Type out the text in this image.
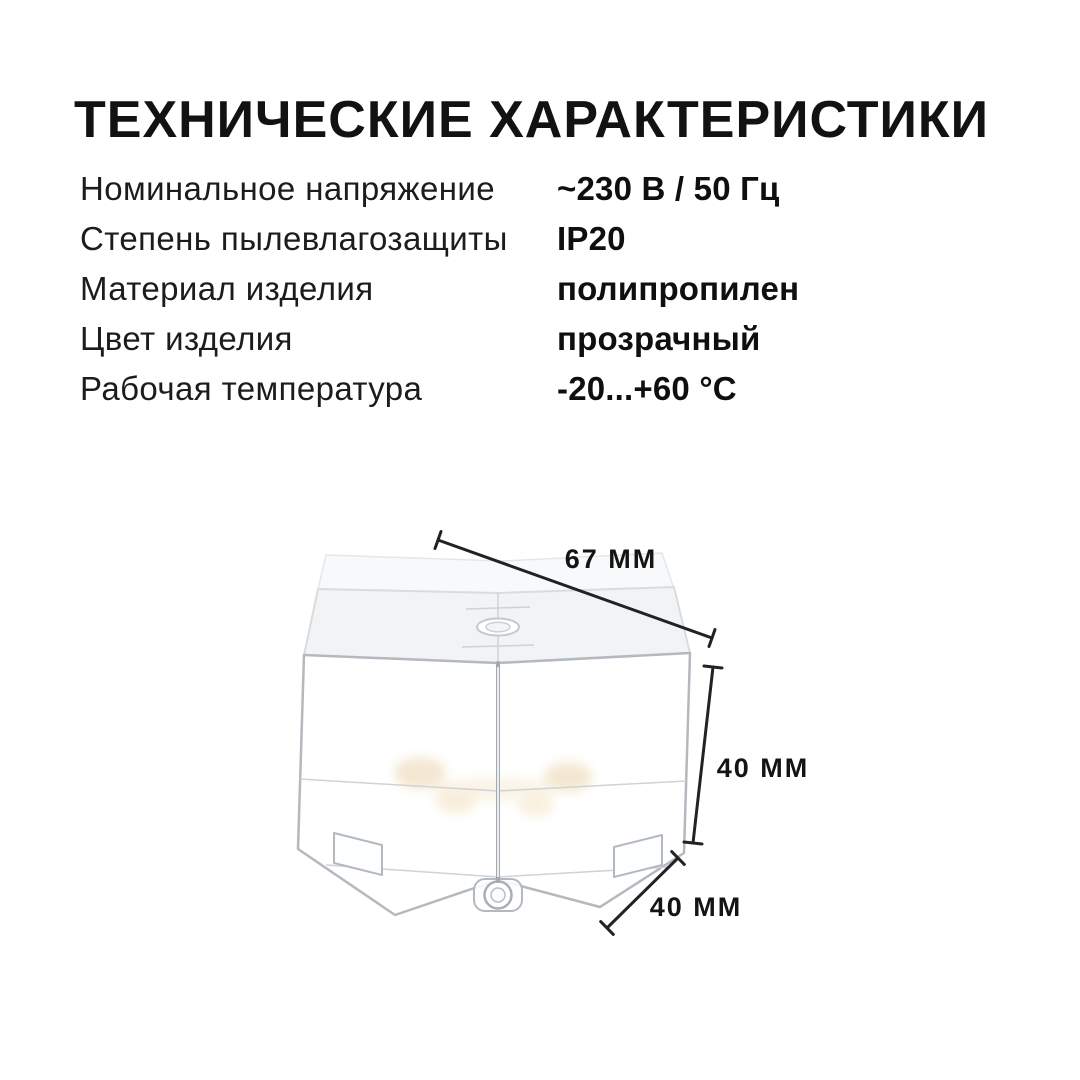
ТЕХНИЧЕСКИЕ ХАРАКТЕРИСТИКИ
Номинальное напряжение	~230 В / 50 Гц
Степень пылевлагозащиты	IP20
Материал изделия	полипропилен
Цвет изделия	прозрачный
Рабочая температура	-20...+60 °С
67 ММ
40 ММ
40 ММ
